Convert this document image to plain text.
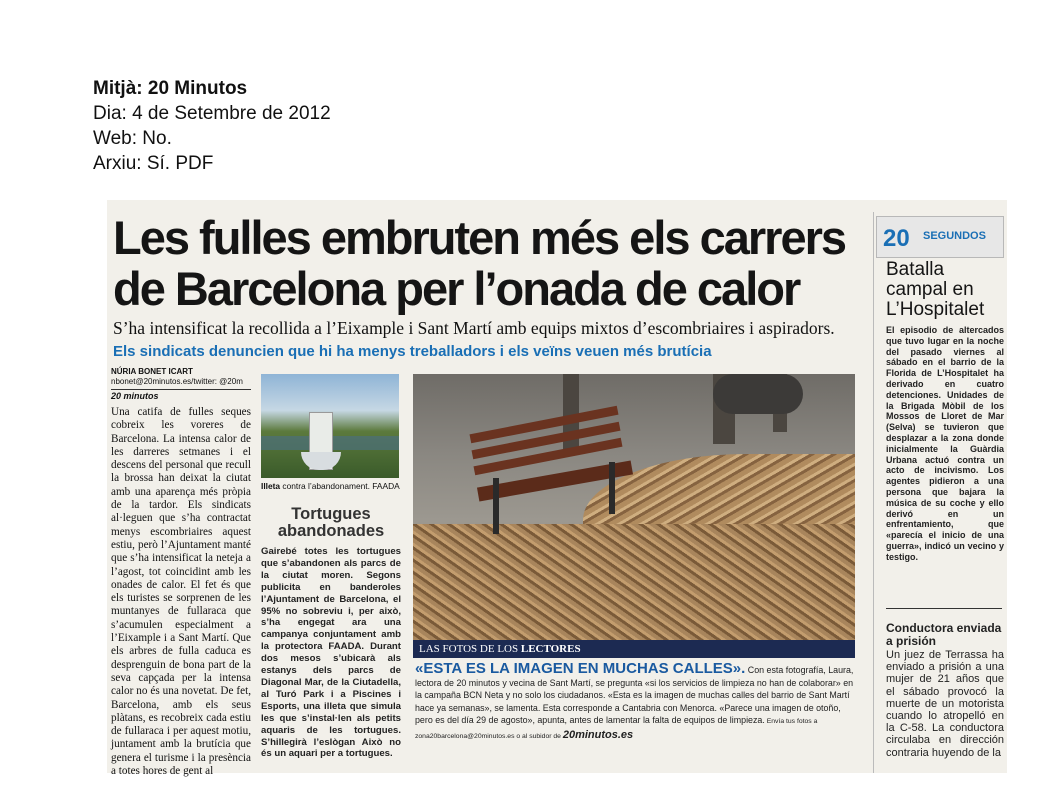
Mitjà: 20 Minutos
Dia: 4 de Setembre de 2012
Web: No.
Arxiu: Sí. PDF
Les fulles embruten més els carrers de Barcelona per l’onada de calor
S’ha intensificat la recollida a l’Eixample i Sant Martí amb equips mixtos d’escombriaires i aspiradors. Els sindicats denuncien que hi ha menys treballadors i els veïns veuen més brutícia
NÚRIA BONET ICART
nbonet@20minutos.es/twitter: @20m
20 minutos
Una catifa de fulles seques cobreix les voreres de Barcelona. La intensa calor de les darreres setmanes i el descens del personal que recull la brossa han deixat la ciutat amb una aparença més pròpia de la tardor. Els sindicats al·leguen que s’ha contractat menys escombriaires aquest estiu, però l’Ajuntament manté que s’ha intensificat la neteja a l’agost, tot coincidint amb les onades de calor. El fet és que els turistes se sorprenen de les muntanyes de fullaraca que s’acumulen especialment a l’Eixample i a Sant Martí. Que els arbres de fulla caduca es desprenguin de bona part de la seva capçada per la intensa calor no és una novetat. De fet, Barcelona, amb els seus plàtans, es recobreix cada estiu de fullaraca i per aquest motiu, juntament amb la brutícia que genera el turisme i la presència a totes hores de gent al
Illeta contra l’abandonament. FAADA
Tortugues abandonades
Gairebé totes les tortugues que s’abandonen als parcs de la ciutat moren. Segons publicita en banderoles l’Ajuntament de Barcelona, el 95% no sobreviu i, per això, s’ha engegat ara una campanya conjuntament amb la protectora FAADA. Durant dos mesos s’ubicarà als estanys dels parcs de Diagonal Mar, de la Ciutadella, al Turó Park i a Piscines i Esports, una illeta que simula les que s’instal·len als petits aquaris de les tortugues. S’hillegirà l’eslògan Això no és un aquari per a tortugues.
LAS FOTOS DE LOS LECTORES
«ESTA ES LA IMAGEN EN MUCHAS CALLES». Con esta fotografía, Laura, lectora de 20 minutos y vecina de Sant Martí, se pregunta «si los servicios de limpieza no han de colaborar» en la campaña BCN Neta y no solo los ciudadanos. «Esta es la imagen de muchas calles del barrio de Sant Martí hace ya semanas», se lamenta. Esta corresponde a Cantabria con Menorca. «Parece una imagen de otoño, pero es del día 29 de agosto», apunta, antes de lamentar la falta de equipos de limpieza. Envía tus fotos a zona20barcelona@20minutos.es o al subidor de 20minutos.es
20 SEGUNDOS
Batalla campal en L’Hospitalet
El episodio de altercados que tuvo lugar en la noche del pasado viernes al sábado en el barrio de la Florida de L’Hospitalet ha derivado en cuatro detenciones. Unidades de la Brigada Mòbil de los Mossos de Lloret de Mar (Selva) se tuvieron que desplazar a la zona donde inicialmente la Guàrdia Urbana actuó contra un acto de incivismo. Los agentes pidieron a una persona que bajara la música de su coche y ello derivó en un enfrentamiento, que «parecía el inicio de una guerra», indicó un vecino y testigo.
Conductora enviada a prisión
Un juez de Terrassa ha enviado a prisión a una mujer de 21 años que el sábado provocó la muerte de un motorista cuando lo atropelló en la C-58. La conductora circulaba en dirección contraria huyendo de la
